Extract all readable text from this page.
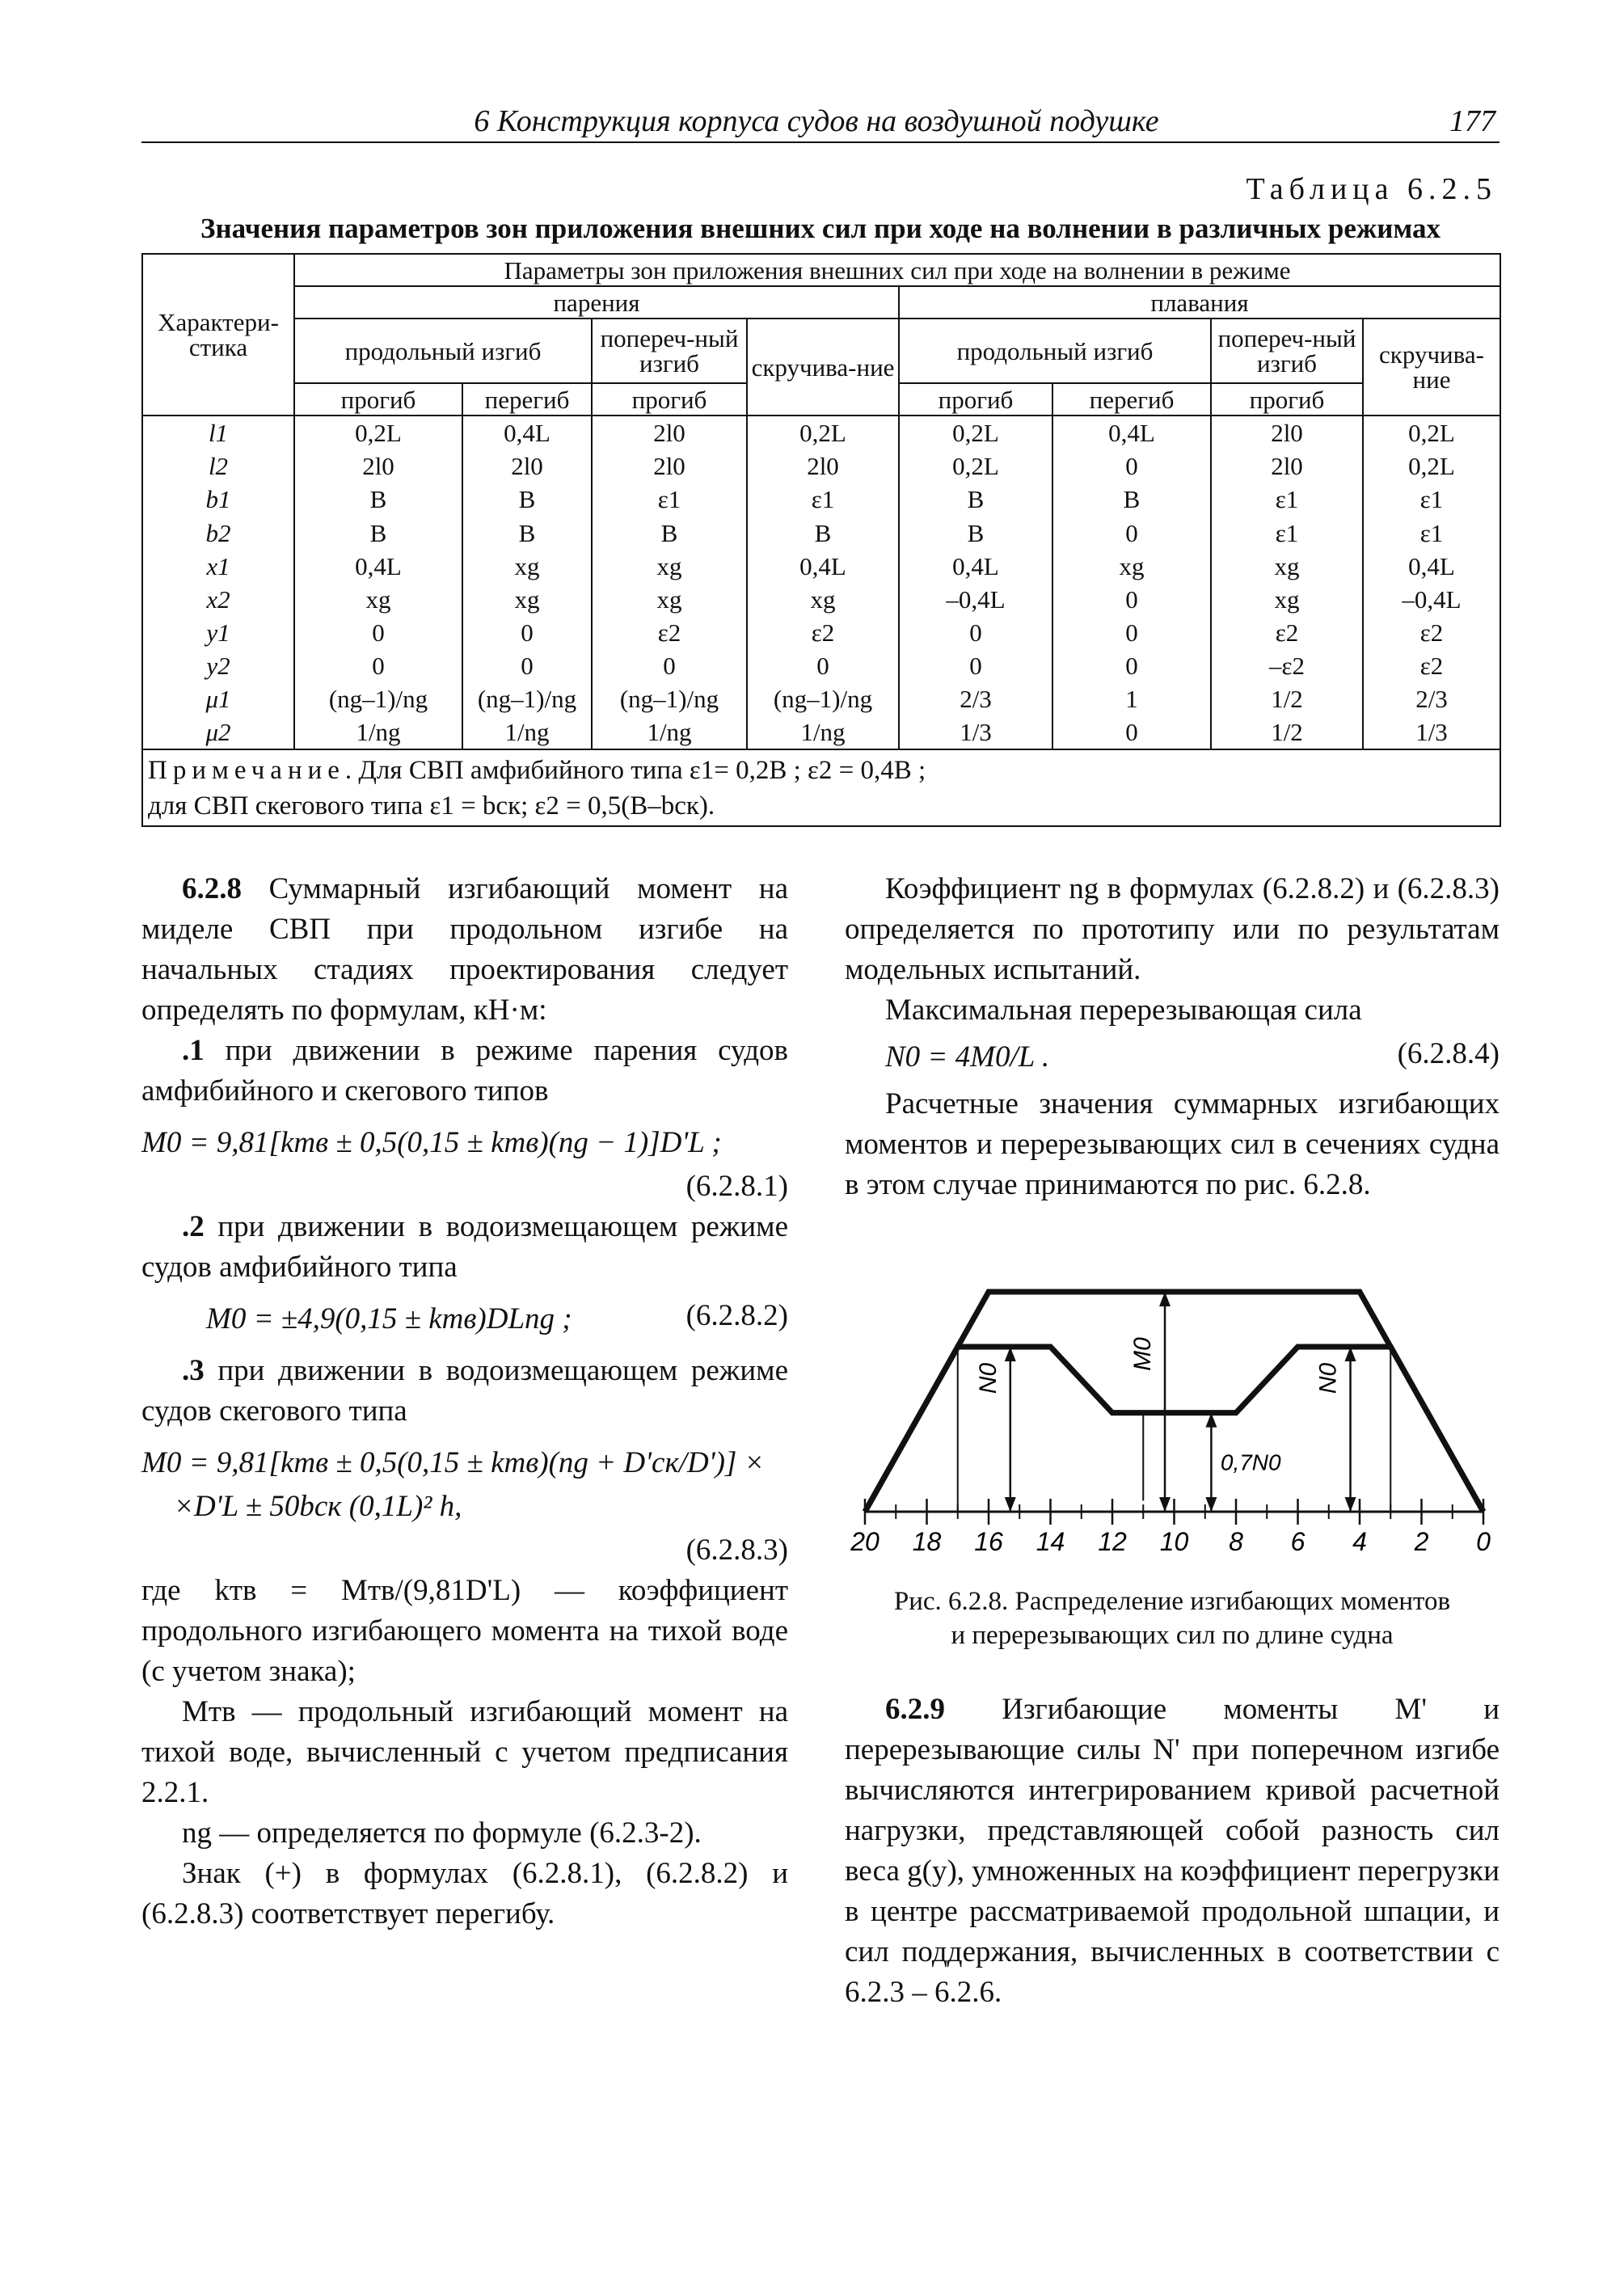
6 Конструкция корпуса судов на воздушной подушке	177
Таблица 6.2.5
Значения параметров зон приложения внешних сил при ходе на волнении в различных режимах
Характери-стика	Параметры зон приложения внешних сил при ходе на волнении в режиме							
	парения				плавания			
	продольный изгиб		попереч-ный изгиб	скручива-ние	продольный изгиб		попереч-ный изгиб	скручива-ние
	прогиб	перегиб	прогиб		прогиб	перегиб	прогиб	
l1	0,2L	0,4L	2l0	0,2L	0,2L	0,4L	2l0	0,2L
l2	2l0	2l0	2l0	2l0	0,2L	0	2l0	0,2L
b1	B	B	ε1	ε1	B	B	ε1	ε1
b2	B	B	B	B	B	0	ε1	ε1
x1	0,4L	xg	xg	0,4L	0,4L	xg	xg	0,4L
x2	xg	xg	xg	xg	–0,4L	0	xg	–0,4L
y1	0	0	ε2	ε2	0	0	ε2	ε2
y2	0	0	0	0	0	0	–ε2	ε2
μ1	(ng–1)/ng	(ng–1)/ng	(ng–1)/ng	(ng–1)/ng	2/3	1	1/2	2/3
μ2	1/ng	1/ng	1/ng	1/ng	1/3	0	1/2	1/3
Примечание. Для СВП амфибийного типа ε1= 0,2B ; ε2 = 0,4B ;
для СВП скегового типа ε1 = bск; ε2 = 0,5(B–bск).								

6.2.8 Суммарный изгибающий момент на миделе СВП при продольном изгибе на начальных стадиях проектирования следует определять по формулам, кН·м:

.1 при движении в режиме парения судов амфибийного и скегового типов

M0 = 9,81[kтв ± 0,5(0,15 ± kтв)(ng − 1)]D'L ;

(6.2.8.1)

.2 при движении в водоизмещающем режиме судов амфибийного типа

M0 = ±4,9(0,15 ± kтв)DLng ;	(6.2.8.2)

.3 при движении в водоизмещающем режиме судов скегового типа

M0 = 9,81[kтв ± 0,5(0,15 ± kтв)(ng + D'ск/D')] ×

×D'L ± 50bск (0,1L)² h,

(6.2.8.3)

где kтв = Mтв/(9,81D'L) — коэффициент продольного изгибающего момента на тихой воде (с учетом знака);

Mтв — продольный изгибающий момент на тихой воде, вычисленный с учетом предписания 2.2.1.

ng — определяется по формуле (6.2.3-2).

Знак (+) в формулах (6.2.8.1), (6.2.8.2) и (6.2.8.3) соответствует перегибу.

Коэффициент ng в формулах (6.2.8.2) и (6.2.8.3) определяется по прототипу или по результатам модельных испытаний.

Максимальная перерезывающая сила

N0 = 4M0/L .	(6.2.8.4)

Расчетные значения суммарных изгибающих моментов и перерезывающих сил в сечениях судна в этом случае принимаются по рис. 6.2.8.

N0	N0
M0
0,7N0
20 18 16 14 12 10 8 6 4 2 0
Рис. 6.2.8. Распределение изгибающих моментов
и перерезывающих сил по длине судна

6.2.9 Изгибающие моменты M' и перерезывающие силы N' при поперечном изгибе вычисляются интегрированием кривой расчетной нагрузки, представляющей собой разность сил веса g(y), умноженных на коэффициент перегрузки в центре рассматриваемой продольной шпации, и сил поддержания, вычисленных в соответствии с 6.2.3 – 6.2.6.
